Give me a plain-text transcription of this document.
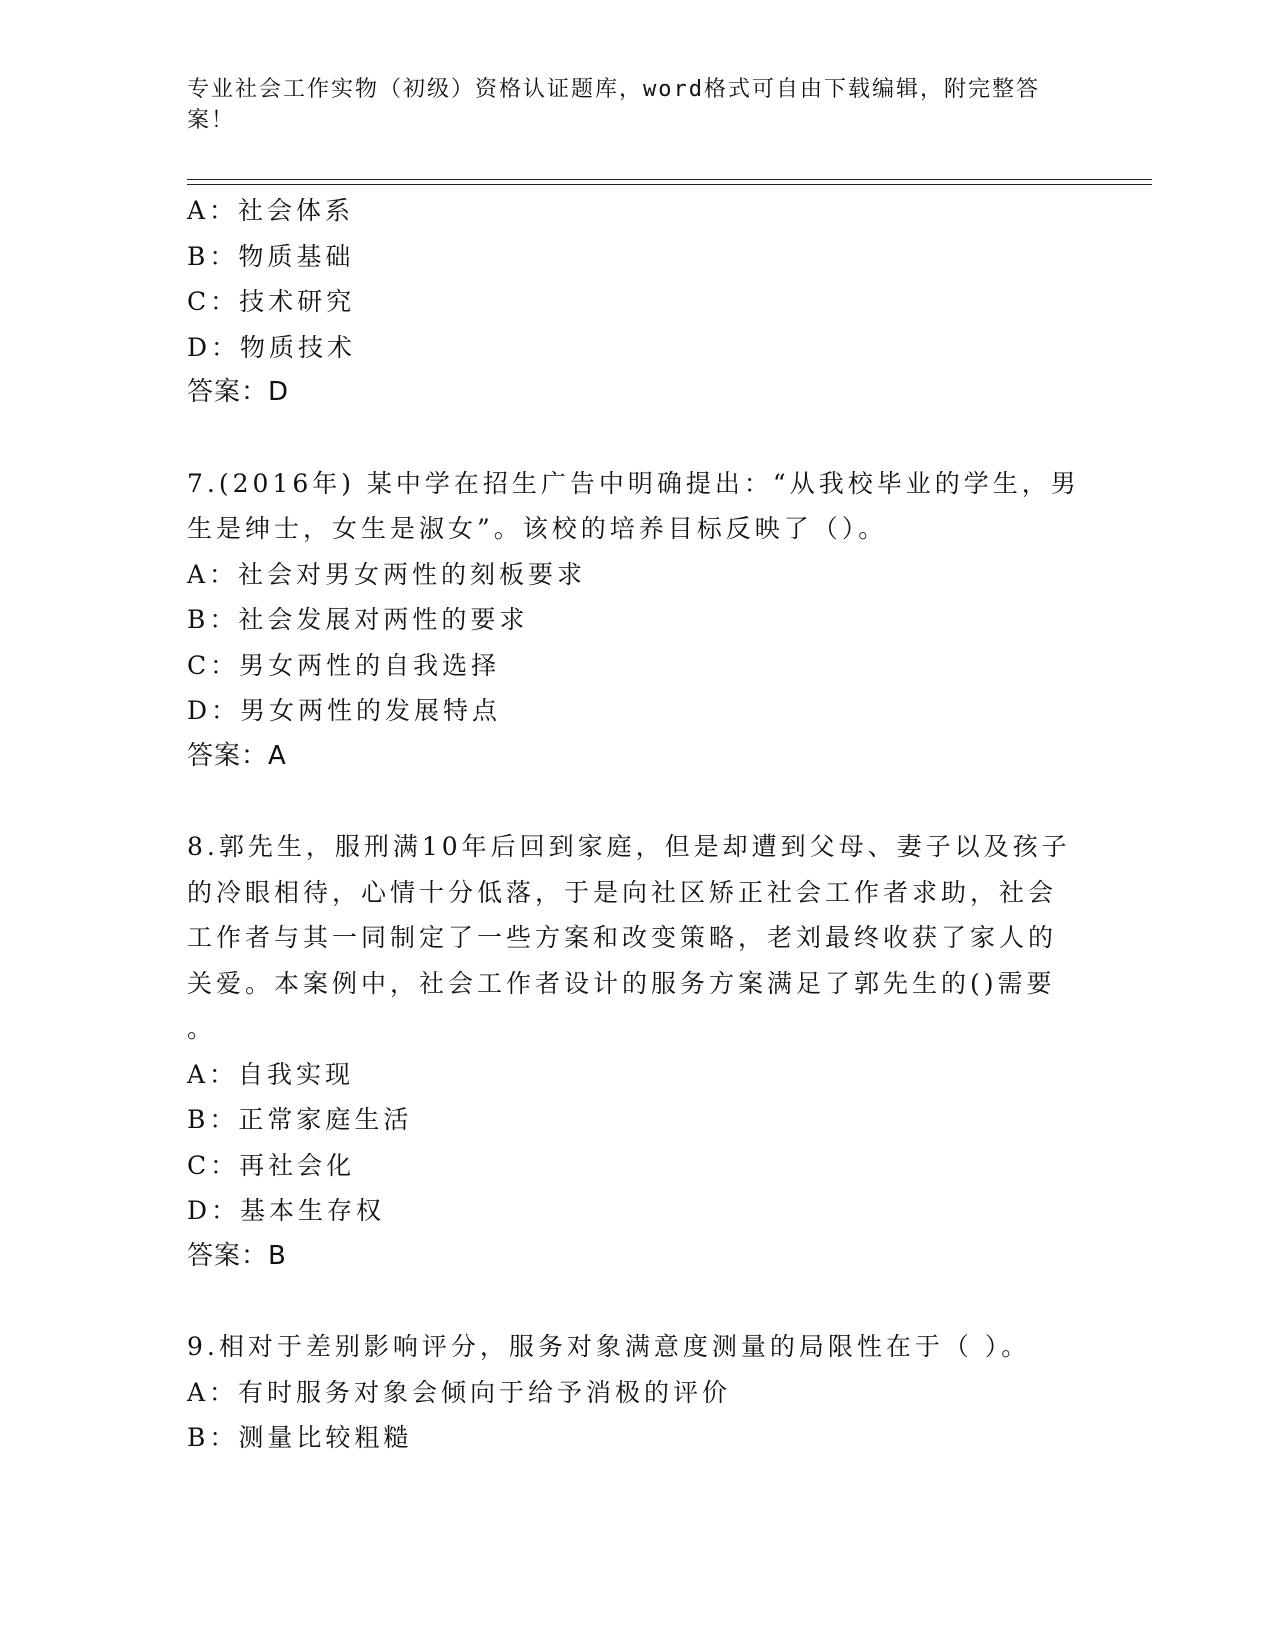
专业社会工作实物（初级）资格认证题库，word格式可自由下载编辑，附完整答
案！
A：社会体系
B：物质基础
C：技术研究
D：物质技术
答案：D
7.(2016年) 某中学在招生广告中明确提出：“从我校毕业的学生，男
生是绅士，女生是淑女”。该校的培养目标反映了（）。
A：社会对男女两性的刻板要求
B：社会发展对两性的要求
C：男女两性的自我选择
D：男女两性的发展特点
答案：A
8.郭先生，服刑满10年后回到家庭，但是却遭到父母、妻子以及孩子
的冷眼相待，心情十分低落，于是向社区矫正社会工作者求助，社会
工作者与其一同制定了一些方案和改变策略，老刘最终收获了家人的
关爱。本案例中，社会工作者设计的服务方案满足了郭先生的()需要
。
A：自我实现
B：正常家庭生活
C：再社会化
D：基本生存权
答案：B
9.相对于差别影响评分，服务对象满意度测量的局限性在于（ ）。
A：有时服务对象会倾向于给予消极的评价
B：测量比较粗糙
